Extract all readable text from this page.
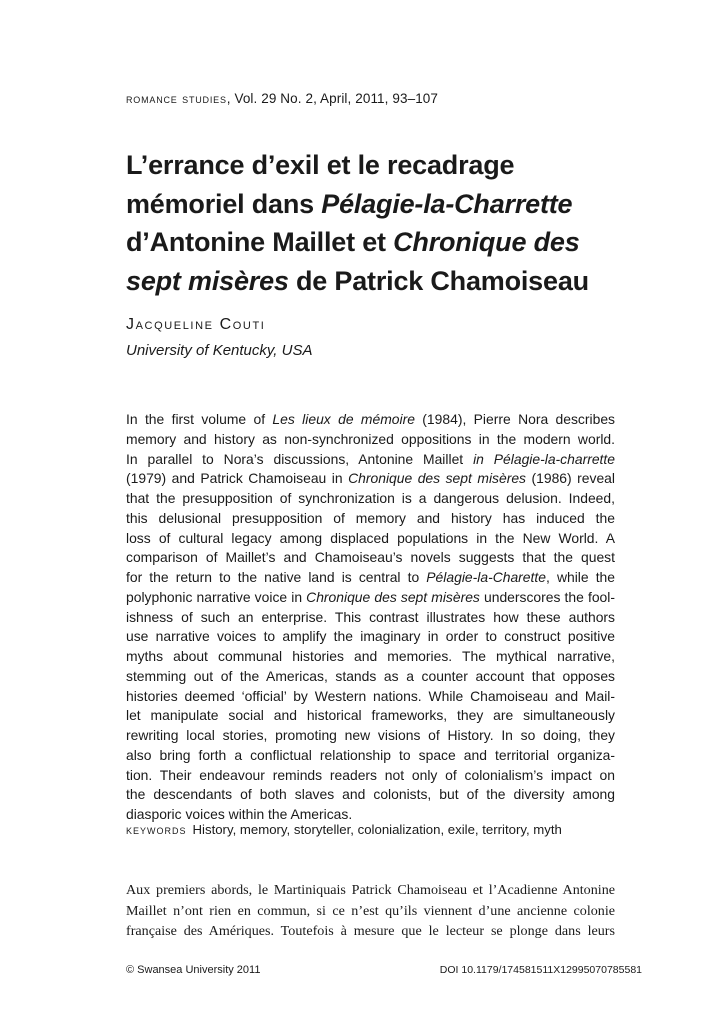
romance studies, Vol. 29 No. 2, April, 2011, 93–107
L’errance d’exil et le recadrage
mémoriel dans Pélagie-la-Charrette
d’Antonine Maillet et Chronique des
sept misères de Patrick Chamoiseau
Jacqueline Couti
University of Kentucky, USA
In the first volume of Les lieux de mémoire (1984), Pierre Nora describes
memory and history as non-synchronized oppositions in the modern world.
In parallel to Nora’s discussions, Antonine Maillet in Pélagie-la-charrette
(1979) and Patrick Chamoiseau in Chronique des sept misères (1986) reveal
that the presupposition of synchronization is a dangerous delusion. Indeed,
this delusional presupposition of memory and history has induced the
loss of cultural legacy among displaced populations in the New World. A
comparison of Maillet’s and Chamoiseau’s novels suggests that the quest
for the return to the native land is central to Pélagie-la-Charette, while the
polyphonic narrative voice in Chronique des sept misères underscores the fool-
ishness of such an enterprise. This contrast illustrates how these authors
use narrative voices to amplify the imaginary in order to construct positive
myths about communal histories and memories. The mythical narrative,
stemming out of the Americas, stands as a counter account that opposes
histories deemed ‘official’ by Western nations. While Chamoiseau and Mail-
let manipulate social and historical frameworks, they are simultaneously
rewriting local stories, promoting new visions of History. In so doing, they
also bring forth a conflictual relationship to space and territorial organiza-
tion. Their endeavour reminds readers not only of colonialism’s impact on
the descendants of both slaves and colonists, but of the diversity among
diasporic voices within the Americas.
keywords History, memory, storyteller, colonialization, exile, territory, myth
Aux premiers abords, le Martiniquais Patrick Chamoiseau et l’Acadienne Antonine
Maillet n’ont rien en commun, si ce n’est qu’ils viennent d’une ancienne colonie
française des Amériques. Toutefois à mesure que le lecteur se plonge dans leurs
© Swansea University 2011	DOI 10.1179/174581511X12995070785581
